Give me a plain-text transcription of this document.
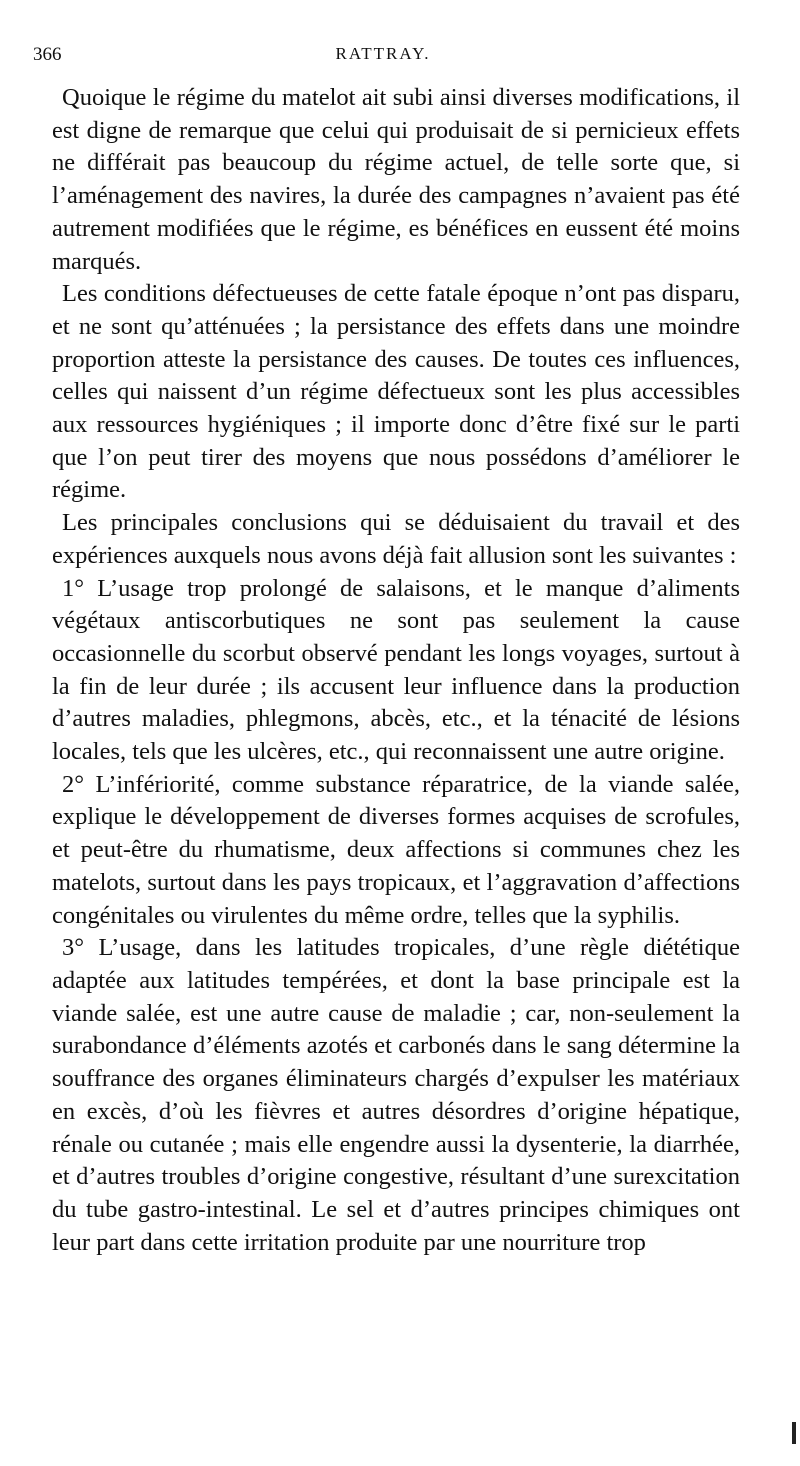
366	RATTRAY.

Quoique le régime du matelot ait subi ainsi diverses modifications, il est digne de remarque que celui qui produisait de si pernicieux effets ne différait pas beaucoup du régime actuel, de telle sorte que, si l’aménagement des navires, la durée des campagnes n’avaient pas été autrement modifiées que le régime, es bénéfices en eussent été moins marqués.

Les conditions défectueuses de cette fatale époque n’ont pas disparu, et ne sont qu’atténuées ; la persistance des effets dans une moindre proportion atteste la persistance des causes. De toutes ces influences, celles qui naissent d’un régime défectueux sont les plus accessibles aux ressources hygiéniques ; il importe donc d’être fixé sur le parti que l’on peut tirer des moyens que nous possédons d’améliorer le régime.

Les principales conclusions qui se déduisaient du travail et des expériences auxquels nous avons déjà fait allusion sont les suivantes :

1° L’usage trop prolongé de salaisons, et le manque d’aliments végétaux antiscorbutiques ne sont pas seulement la cause occasionnelle du scorbut observé pendant les longs voyages, surtout à la fin de leur durée ; ils accusent leur influence dans la production d’autres maladies, phlegmons, abcès, etc., et la ténacité de lésions locales, tels que les ulcères, etc., qui reconnaissent une autre origine.

2° L’infériorité, comme substance réparatrice, de la viande salée, explique le développement de diverses formes acquises de scrofules, et peut-être du rhumatisme, deux affections si communes chez les matelots, surtout dans les pays tropicaux, et l’aggravation d’affections congénitales ou virulentes du même ordre, telles que la syphilis.

3° L’usage, dans les latitudes tropicales, d’une règle diététique adaptée aux latitudes tempérées, et dont la base principale est la viande salée, est une autre cause de maladie ; car, non-seulement la surabondance d’éléments azotés et carbonés dans le sang détermine la souffrance des organes éliminateurs chargés d’expulser les matériaux en excès, d’où les fièvres et autres désordres d’origine hépatique, rénale ou cutanée ; mais elle engendre aussi la dysenterie, la diarrhée, et d’autres troubles d’origine congestive, résultant d’une surexcitation du tube gastro-intestinal. Le sel et d’autres principes chimiques ont leur part dans cette irritation produite par une nourriture trop
